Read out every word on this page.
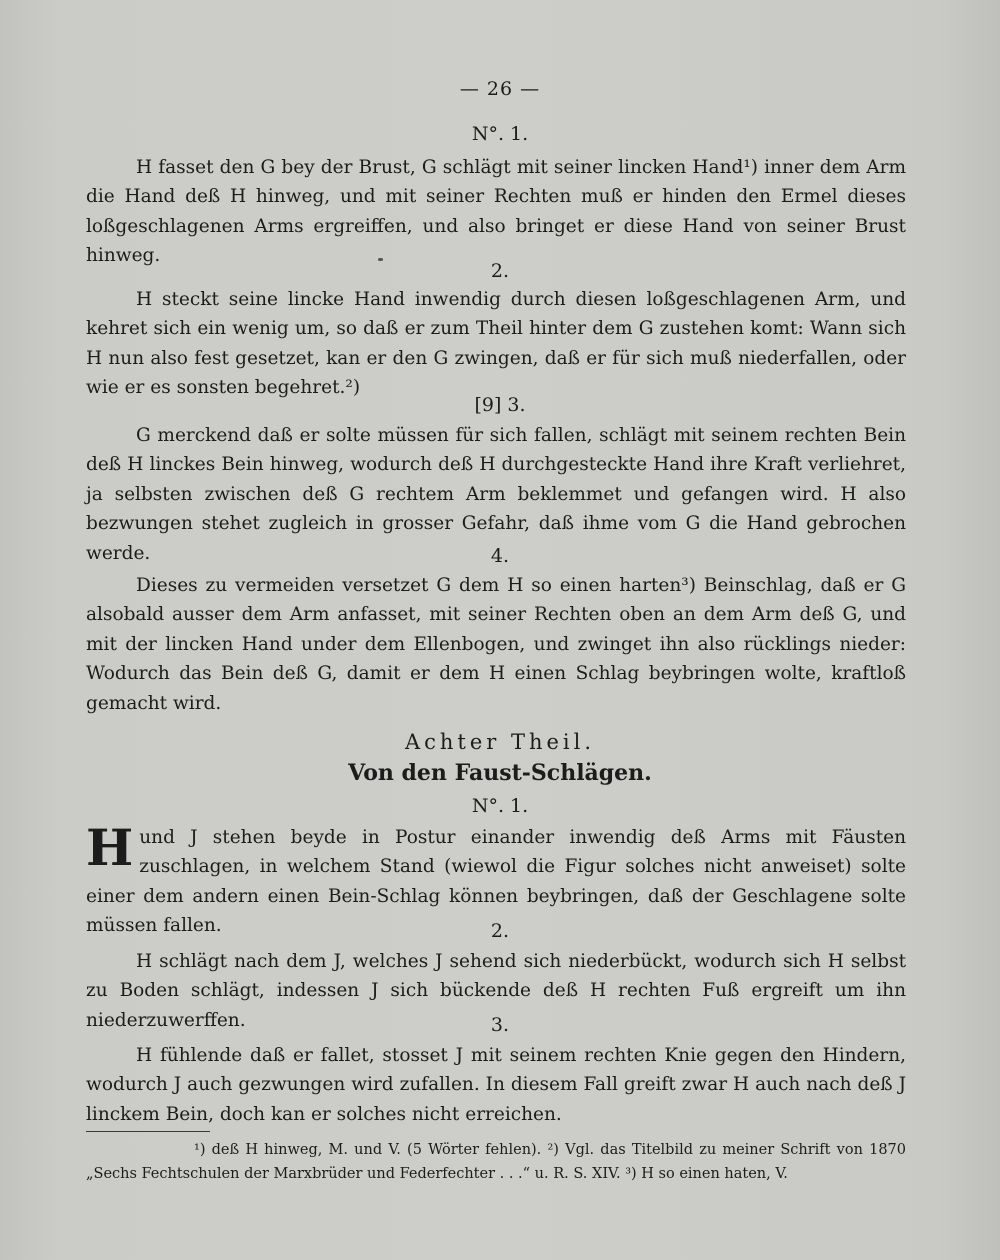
— 26 —
N°. 1.

H fasset den G bey der Brust, G schlägt mit seiner lincken Hand¹) inner dem Arm die Hand deß H hinweg, und mit seiner Rechten muß er hinden den Ermel dieses loßgeschlagenen Arms ergreiffen, und also bringet er diese Hand von seiner Brust hinweg.

2.

H steckt seine lincke Hand inwendig durch diesen loßgeschlagenen Arm, und kehret sich ein wenig um, so daß er zum Theil hinter dem G zustehen komt: Wann sich H nun also fest gesetzet, kan er den G zwingen, daß er für sich muß niederfallen, oder wie er es sonsten begehret.²)

[9] 3.

G merckend daß er solte müssen für sich fallen, schlägt mit seinem rechten Bein deß H linckes Bein hinweg, wodurch deß H durchgesteckte Hand ihre Kraft verliehret, ja selbsten zwischen deß G rechtem Arm beklemmet und gefangen wird. H also bezwungen stehet zugleich in grosser Gefahr, daß ihme vom G die Hand gebrochen werde.	4.

Dieses zu vermeiden versetzet G dem H so einen harten³) Beinschlag, daß er G alsobald ausser dem Arm anfasset, mit seiner Rechten oben an dem Arm deß G, und mit der lincken Hand under dem Ellenbogen, und zwinget ihn also rücklings nieder: Wodurch das Bein deß G, damit er dem H einen Schlag beybringen wolte, kraftloß gemacht wird.

Achter Theil.
Von den Faust-Schlägen.
N°. 1.
H und J stehen beyde in Postur einander inwendig deß Arms mit Fäusten zuschlagen, in welchem Stand (wiewol die Figur solches nicht anweiset) solte einer dem andern einen Bein-Schlag können beybringen, daß der Geschlagene solte müssen fallen.	2.

H schlägt nach dem J, welches J sehend sich niederbückt, wodurch sich H selbst zu Boden schlägt, indessen J sich bückende deß H rechten Fuß ergreift um ihn niederzuwerffen.	3.

H fühlende daß er fallet, stosset J mit seinem rechten Knie gegen den Hindern, wodurch J auch gezwungen wird zufallen. In diesem Fall greift zwar H auch nach deß J linckem Bein, doch kan er solches nicht erreichen.

¹) deß H hinweg, M. und V. (5 Wörter fehlen). ²) Vgl. das Titelbild zu meiner Schrift von 1870 „Sechs Fechtschulen der Marxbrüder und Federfechter . . .“ u. R. S. XIV. ³) H so einen haten, V.
